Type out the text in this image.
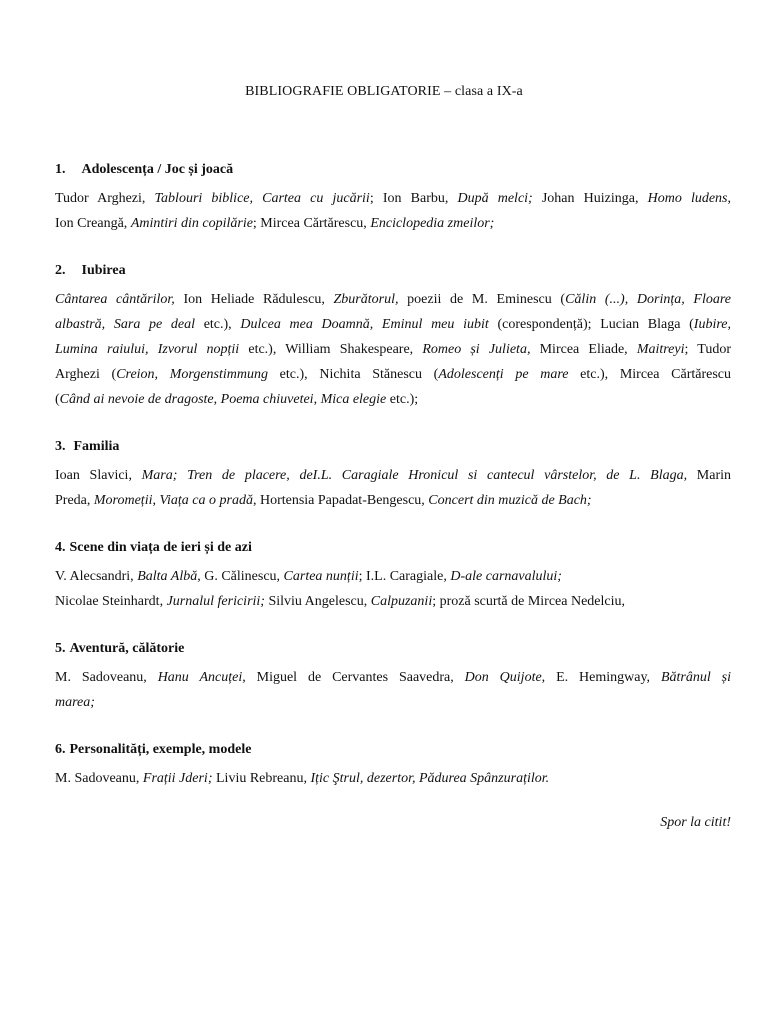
BIBLIOGRAFIE OBLIGATORIE – clasa a IX-a
1. Adolescența / Joc și joacă
Tudor Arghezi, Tablouri biblice, Cartea cu jucării; Ion Barbu, După melci; Johan Huizinga, Homo ludens,
Ion Creangă, Amintiri din copilărie; Mircea Cărtărescu, Enciclopedia zmeilor;
2. Iubirea
Cântarea cântărilor, Ion Heliade Rădulescu, Zburătorul, poezii de M. Eminescu (Călin (...), Dorința, Floare
albastră, Sara pe deal etc.), Dulcea mea Doamnă, Eminul meu iubit (corespondență); Lucian Blaga (Iubire,
Lumina raiului, Izvorul nopții etc.), William Shakespeare, Romeo și Julieta, Mircea Eliade, Maitreyi; Tudor
Arghezi (Creion, Morgenstimmung etc.), Nichita Stănescu (Adolescenți pe mare etc.), Mircea Cărtărescu
(Când ai nevoie de dragoste, Poema chiuvetei, Mica elegie etc.);
3. Familia
Ioan Slavici, Mara; Tren de placere, deI.L. Caragiale Hronicul si cantecul vârstelor, de L. Blaga, Marin
Preda, Moromeții, Viața ca o pradă, Hortensia Papadat-Bengescu, Concert din muzică de Bach;
4. Scene din viața de ieri și de azi
V. Alecsandri, Balta Albă, G. Călinescu, Cartea nunții; I.L. Caragiale, D-ale carnavalului;
Nicolae Steinhardt, Jurnalul fericirii; Silviu Angelescu, Calpuzanii; proză scurtă de Mircea Nedelciu,
5. Aventură, călătorie
M. Sadoveanu, Hanu Ancuței, Miguel de Cervantes Saavedra, Don Quijote, E. Hemingway, Bătrânul și
marea;
6. Personalități, exemple, modele
M. Sadoveanu, Frații Jderi; Liviu Rebreanu, Ițic Ştrul, dezertor, Pădurea Spânzuraților.
Spor la citit!
